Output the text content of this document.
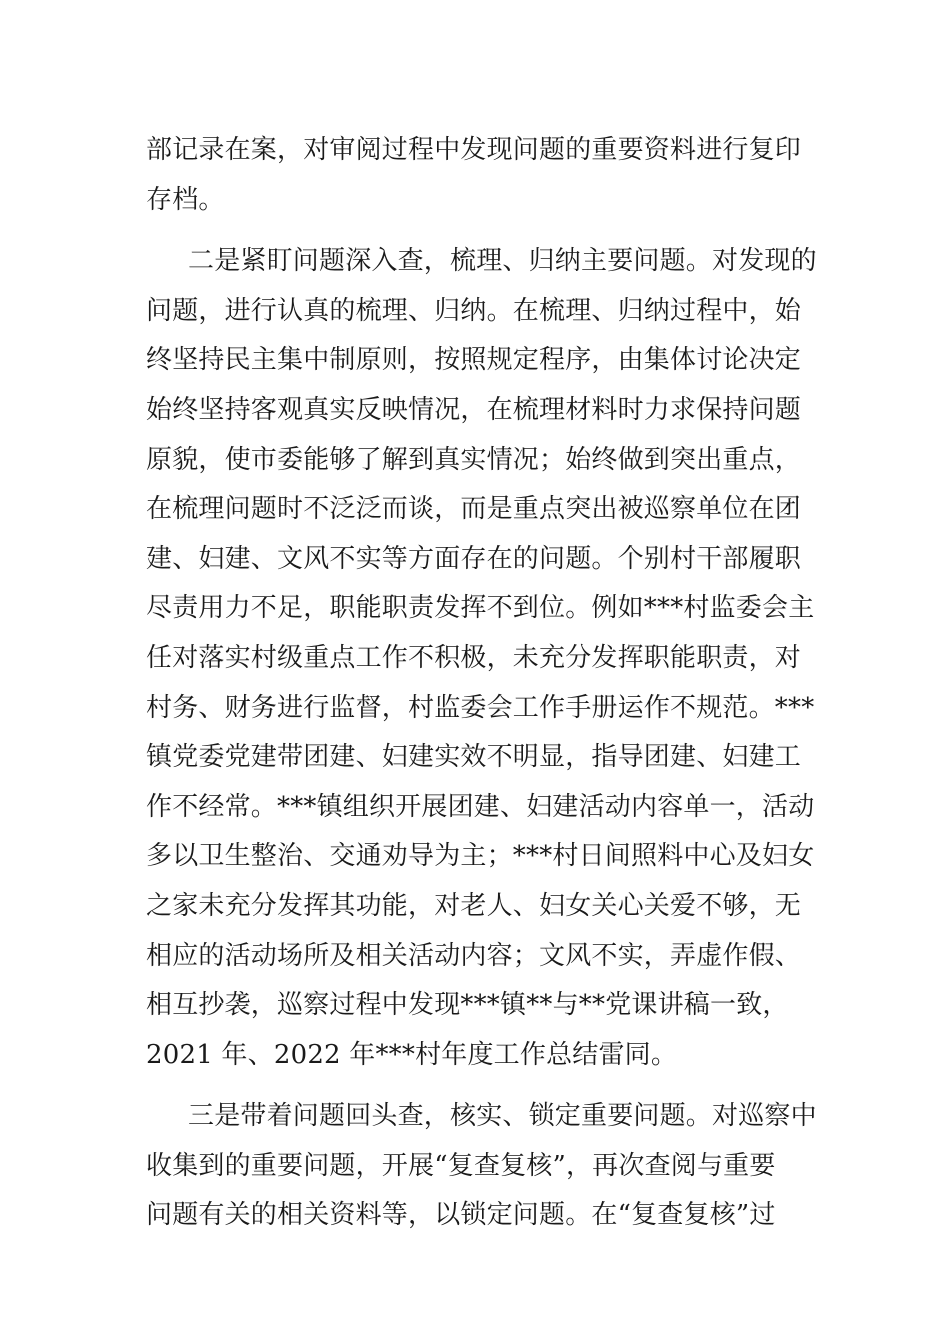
部记录在案，对审阅过程中发现问题的重要资料进行复印
存档。
二是紧盯问题深入查，梳理、归纳主要问题。对发现的
问题，进行认真的梳理、归纳。在梳理、归纳过程中，始
终坚持民主集中制原则，按照规定程序，由集体讨论决定
始终坚持客观真实反映情况，在梳理材料时力求保持问题
原貌，使市委能够了解到真实情况；始终做到突出重点，
在梳理问题时不泛泛而谈，而是重点突出被巡察单位在团
建、妇建、文风不实等方面存在的问题。个别村干部履职
尽责用力不足，职能职责发挥不到位。例如***村监委会主
任对落实村级重点工作不积极，未充分发挥职能职责，对
村务、财务进行监督，村监委会工作手册运作不规范。***
镇党委党建带团建、妇建实效不明显，指导团建、妇建工
作不经常。***镇组织开展团建、妇建活动内容单一，活动
多以卫生整治、交通劝导为主；***村日间照料中心及妇女
之家未充分发挥其功能，对老人、妇女关心关爱不够，无
相应的活动场所及相关活动内容；文风不实，弄虚作假、
相互抄袭，巡察过程中发现***镇**与**党课讲稿一致，
2021 年、2022 年***村年度工作总结雷同。
三是带着问题回头查，核实、锁定重要问题。对巡察中
收集到的重要问题，开展“复查复核”，再次查阅与重要
问题有关的相关资料等，以锁定问题。在“复查复核”过
